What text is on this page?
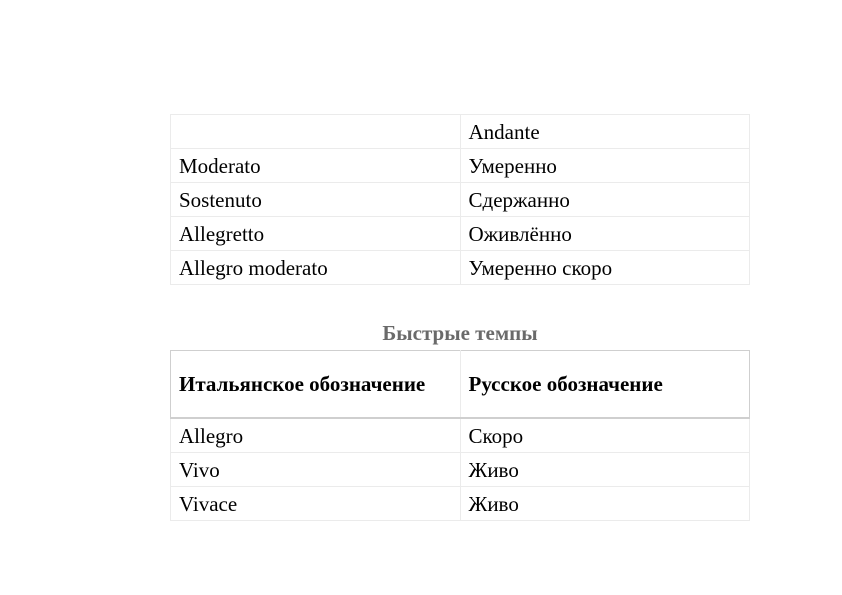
	Andante
Moderato	Умеренно
Sostenuto	Сдержанно
Allegretto	Оживлённо
Allegro moderato	Умеренно скоро
Быстрые темпы
Итальянское обозначение	Русское обозначение
Allegro	Скоро
Vivo	Живо
Vivace	Живо
